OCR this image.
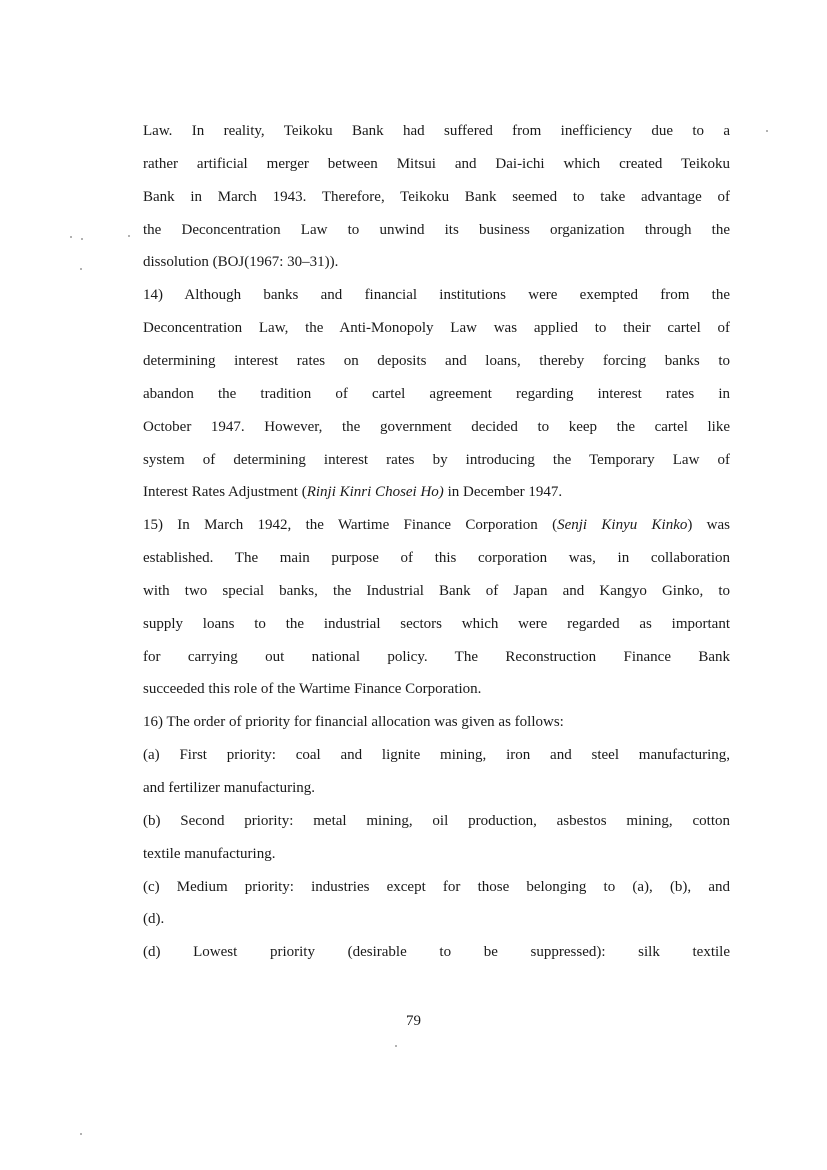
Law. In reality, Teikoku Bank had suffered from inefficiency due to a
rather artificial merger between Mitsui and Dai-ichi which created Teikoku
Bank in March 1943. Therefore, Teikoku Bank seemed to take advantage of
the Deconcentration Law to unwind its business organization through the
dissolution (BOJ(1967: 30–31)).
14) Although banks and financial institutions were exempted from the
Deconcentration Law, the Anti-Monopoly Law was applied to their cartel of
determining interest rates on deposits and loans, thereby forcing banks to
abandon the tradition of cartel agreement regarding interest rates in
October 1947. However, the government decided to keep the cartel like
system of determining interest rates by introducing the Temporary Law of
Interest Rates Adjustment (Rinji Kinri Chosei Ho) in December 1947.
15) In March 1942, the Wartime Finance Corporation (Senji Kinyu Kinko) was
established. The main purpose of this corporation was, in collaboration
with two special banks, the Industrial Bank of Japan and Kangyo Ginko, to
supply loans to the industrial sectors which were regarded as important
for carrying out national policy. The Reconstruction Finance Bank
succeeded this role of the Wartime Finance Corporation.
16) The order of priority for financial allocation was given as follows:
(a) First priority: coal and lignite mining, iron and steel manufacturing,
and fertilizer manufacturing.
(b) Second priority: metal mining, oil production, asbestos mining, cotton
textile manufacturing.
(c) Medium priority: industries except for those belonging to (a), (b), and
(d).
(d) Lowest priority (desirable to be suppressed): silk textile
79
